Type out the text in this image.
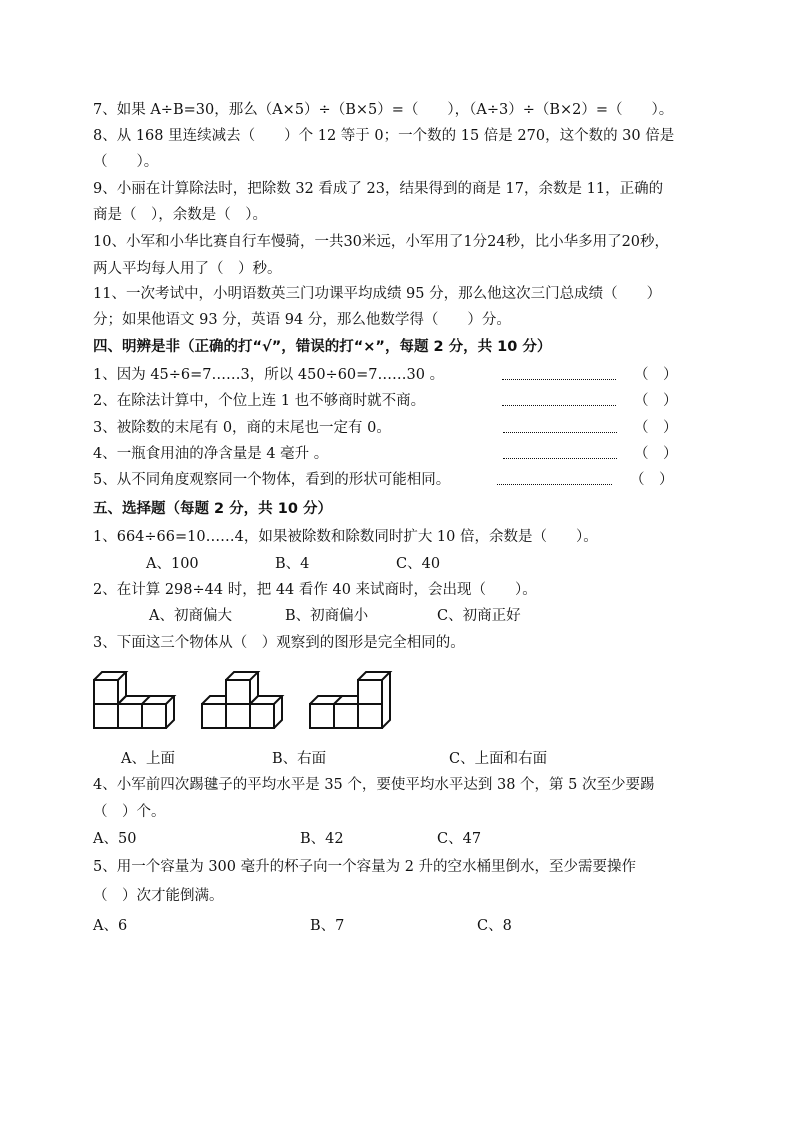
7、如果 A÷B=30，那么（A×5）÷（B×5）=（　　），（A÷3）÷（B×2）=（　　）。
8、从 168 里连续减去（　　）个 12 等于 0；一个数的 15 倍是 270，这个数的 30 倍是
（　　）。
9、小丽在计算除法时，把除数 32 看成了 23，结果得到的商是 17，余数是 11，正确的
商是（　），余数是（　）。
10、小军和小华比赛自行车慢骑，一共30米远，小军用了1分24秒，比小华多用了20秒，
两人平均每人用了（　）秒。
11、一次考试中，小明语数英三门功课平均成绩 95 分，那么他这次三门总成绩（　　）
分；如果他语文 93 分，英语 94 分，那么他数学得（　　）分。
四、明辨是非（正确的打“√”，错误的打“×”，每题 2 分，共 10 分）
1、因为 45÷6=7……3，所以 450÷60=7……30 。	（　）
2、在除法计算中，个位上连 1 也不够商时就不商。	（　）
3、被除数的末尾有 0，商的末尾也一定有 0。	（　）
4、一瓶食用油的净含量是 4 毫升 。	（　）
5、从不同角度观察同一个物体，看到的形状可能相同。	（　）
五、选择题（每题 2 分，共 10 分）
1、664÷66=10……4，如果被除数和除数同时扩大 10 倍，余数是（　　）。
A、100	B、4	C、40
2、在计算 298÷44 时，把 44 看作 40 来试商时，会出现（　　）。
A、初商偏大	B、初商偏小	C、初商正好
3、下面这三个物体从（　）观察到的图形是完全相同的。
A、上面	B、右面	C、上面和右面
4、小军前四次踢毽子的平均水平是 35 个，要使平均水平达到 38 个，第 5 次至少要踢
（　）个。
A、50	B、42	C、47
5、用一个容量为 300 毫升的杯子向一个容量为 2 升的空水桶里倒水，至少需要操作
（　）次才能倒满。
A、6	B、7	C、8
